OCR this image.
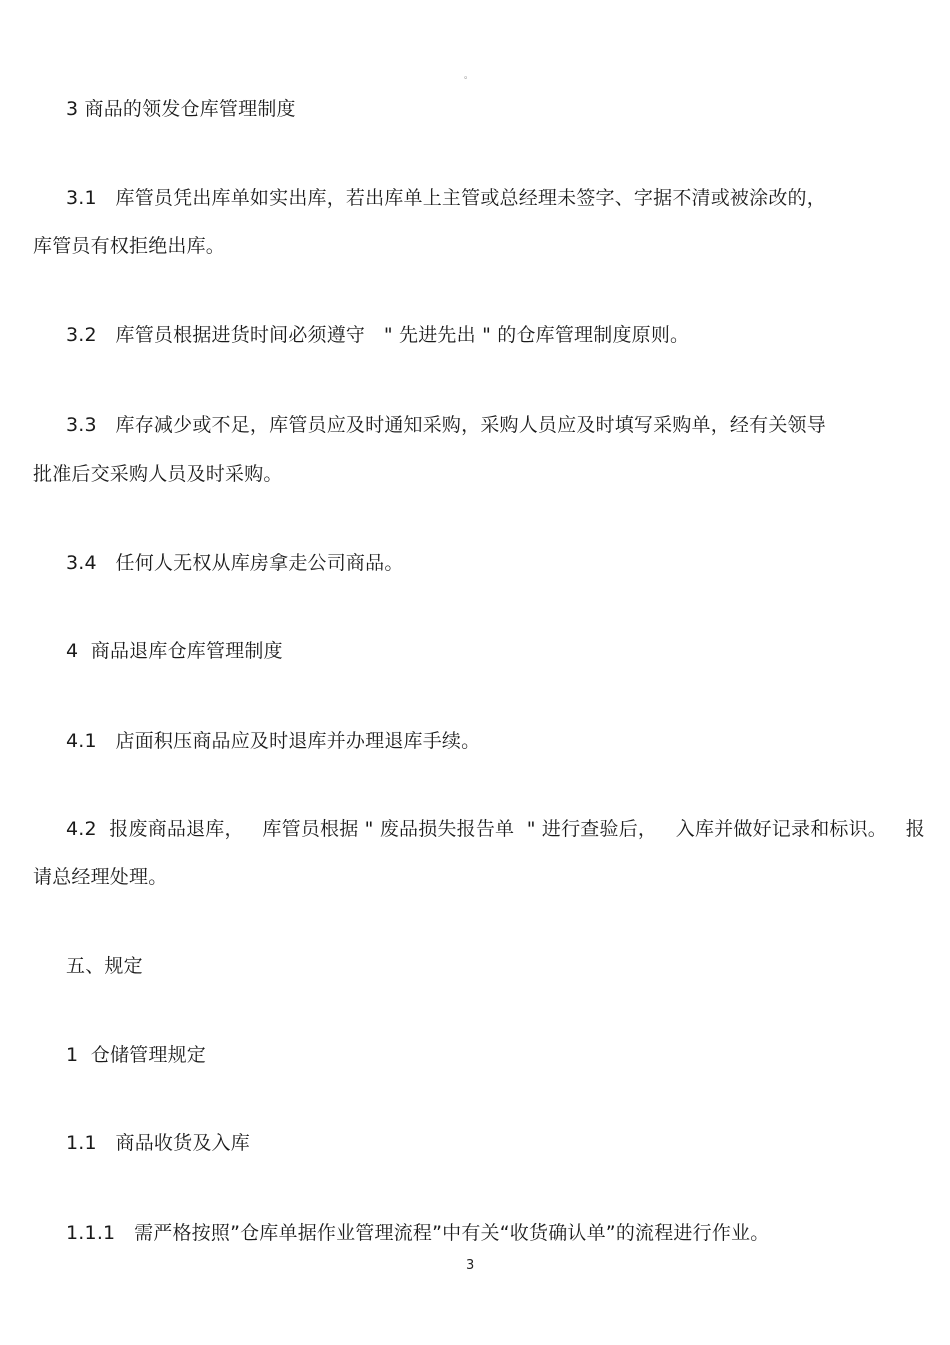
。
3 商品的领发仓库管理制度
3.1   库管员凭出库单如实出库，若出库单上主管或总经理未签字、字据不清或被涂改的，
库管员有权拒绝出库。
3.2   库管员根据进货时间必须遵守   " 先进先出 " 的仓库管理制度原则。
3.3   库存减少或不足，库管员应及时通知采购，采购人员应及时填写采购单，经有关领导
批准后交采购人员及时采购。
3.4   任何人无权从库房拿走公司商品。
4  商品退库仓库管理制度
4.1   店面积压商品应及时退库并办理退库手续。
4.2  报废商品退库，   库管员根据 " 废品损失报告单  " 进行查验后，   入库并做好记录和标识。   报
请总经理处理。
五、规定
1  仓储管理规定
1.1   商品收货及入库
1.1.1   需严格按照”仓库单据作业管理流程”中有关“收货确认单”的流程进行作业。
3
